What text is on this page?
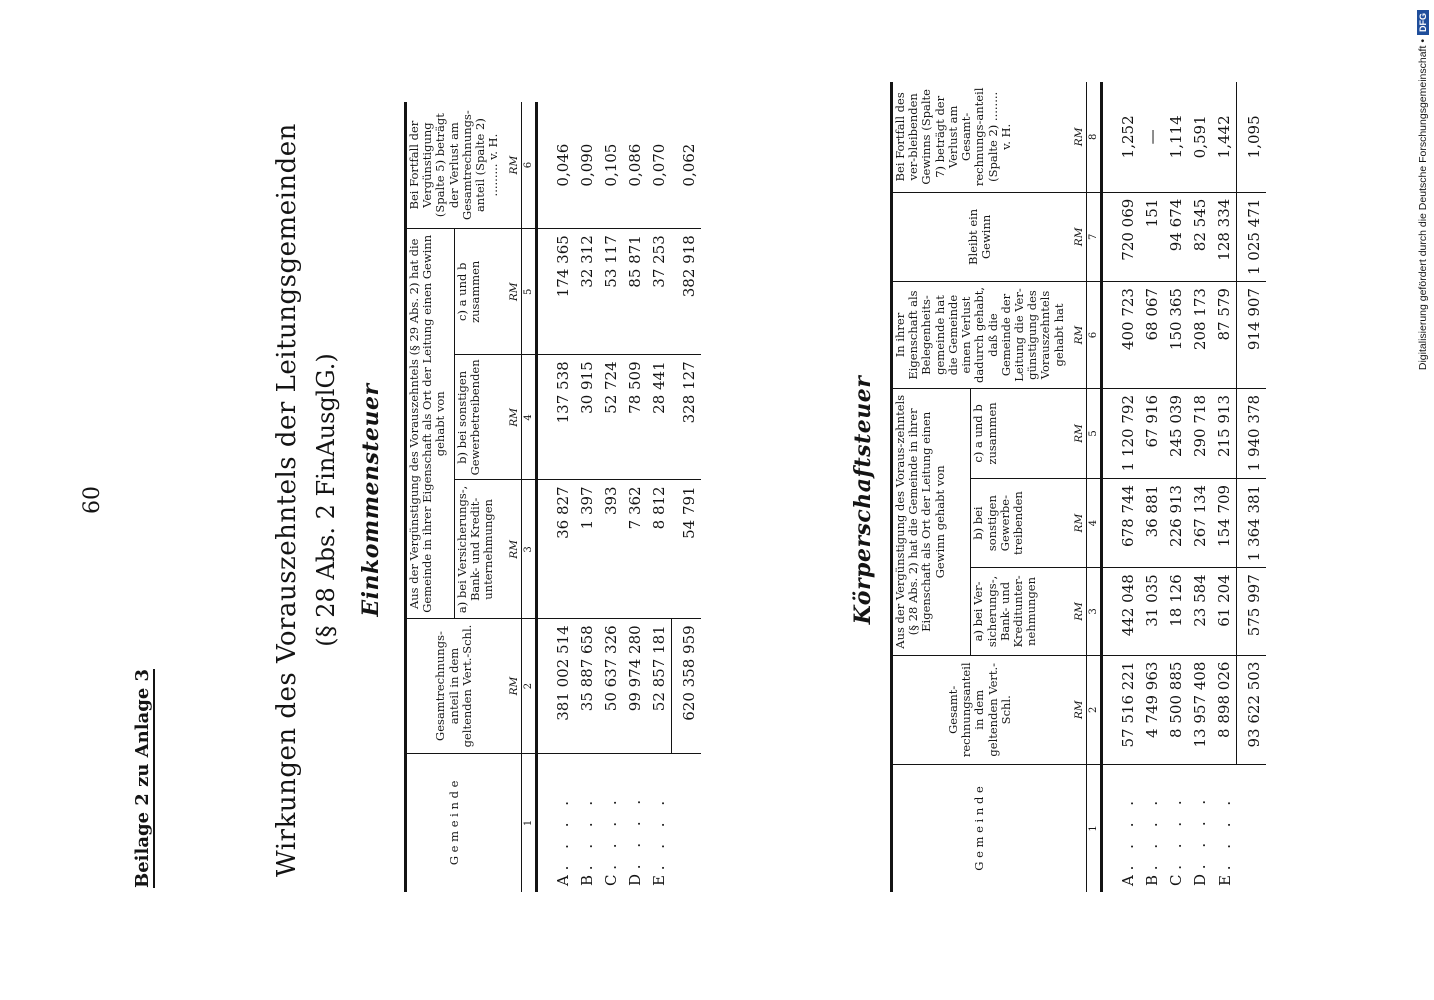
60
Beilage 2 zu Anlage 3	Wirkungen des Vorauszehntels der Leitungsgemeinden (§ 28 Abs. 2 FinAusglG.) Einkommensteuer
G e m e i n d e	Gesamtrechnungs-anteil in dem geltenden Vert.-Schl.	Aus der Vergünstigung des Vorauszehntels (§ 29 Abs. 2) hat die Gemeinde in ihrer Eigenschaft als Ort der Leitung einen Gewinn gehabt von			Bei Fortfall der Vergünstigung (Spalte 5) beträgt der Verlust am Gesamtrechnungs-anteil (Spalte 2) ......... v. H.
		a) bei Versicherungs-, Bank- und Kredit-unternehmungen	b) bei sonstigen Gewerbetreibenden	c) a und b zusammen	
	RM	RM	RM	RM	RM
1	2	3	4	5	6
A . . . .	381 002 514	36 827	137 538	174 365	0,046
B . . . .	35 887 658	1 397	30 915	32 312	0,090
C . . . .	50 637 326	393	52 724	53 117	0,105
D . . . .	99 974 280	7 362	78 509	85 871	0,086
E . . . .	52 857 181	8 812	28 441	37 253	0,070
	620 358 959	54 791	328 127	382 918	0,062
Körperschaftsteuer
G e m e i n d e	Gesamt-rechnungsanteil in dem geltenden Vert.-Schl.	Aus der Vergünstigung des Voraus-zehntels (§ 28 Abs. 2) hat die Gemeinde in ihrer Eigenschaft als Ort der Leitung einen Gewinn gehabt von			In ihrer Eigenschaft als Belegenheits-gemeinde hat die Gemeinde einen Verlust dadurch gehabt, daß die Gemeinde der Leitung die Ver-günstigung des Vorauszehntels gehabt hat	Bleibt ein Gewinn	Bei Fortfall des ver-bleibenden Gewinns (Spalte 7) beträgt der Verlust am Gesamt-rechnungs-anteil (Spalte 2) ........ v. H.
		a) bei Ver-sicherungs-, Bank- und Kreditunter-nehmungen	b) bei sonstigen Gewerbe-treibenden	c) a und b zusammen			
	RM	RM	RM	RM	RM	RM	RM
1	2	3	4	5	6	7	8
A . . . .	57 516 221	442 048	678 744	1 120 792	400 723	720 069	1,252
B . . . .	4 749 963	31 035	36 881	67 916	68 067	151	—
C . . . .	8 500 885	18 126	226 913	245 039	150 365	94 674	1,114
D . . . .	13 957 408	23 584	267 134	290 718	208 173	82 545	0,591
E . . . .	8 898 026	61 204	154 709	215 913	87 579	128 334	1,442
	93 622 503	575 997	1 364 381	1 940 378	914 907	1 025 471	1,095	Digitalisierung gefördert durch die Deutsche Forschungsgemeinschaft •
DFG
